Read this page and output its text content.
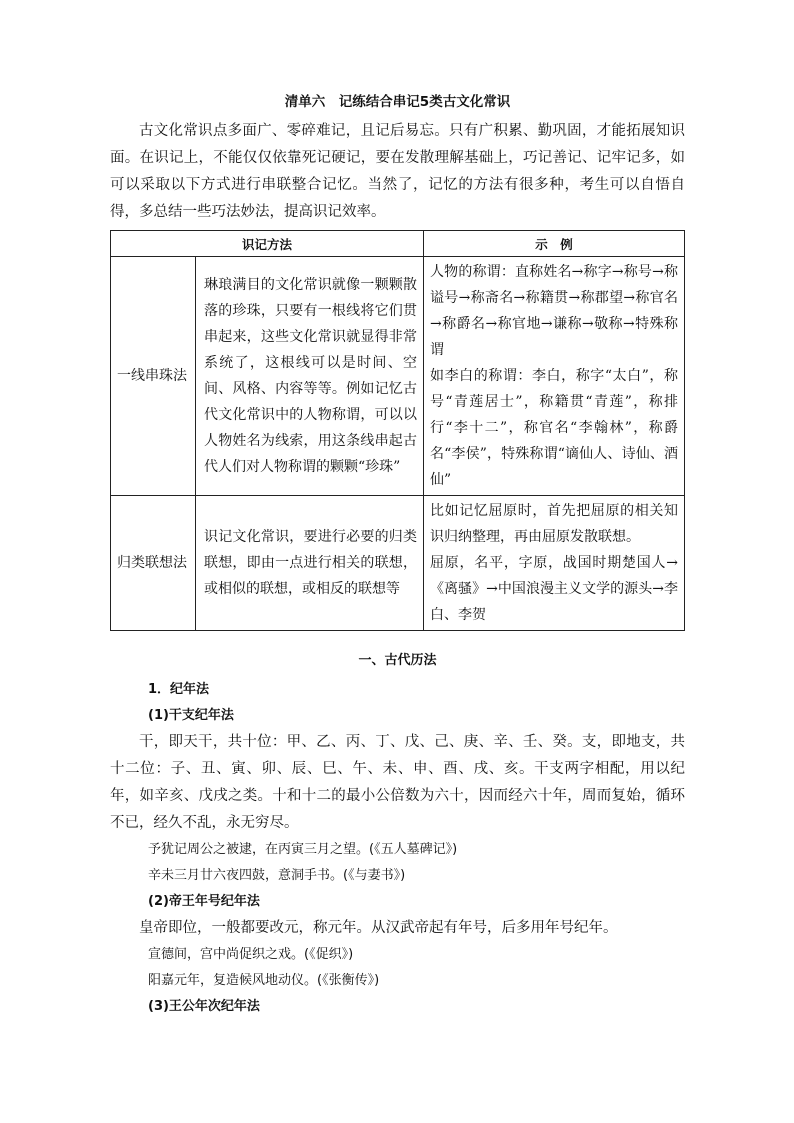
清单六　记练结合串记5类古文化常识

古文化常识点多面广、零碎难记，且记后易忘。只有广积累、勤巩固，才能拓展知识面。在识记上，不能仅仅依靠死记硬记，要在发散理解基础上，巧记善记、记牢记多，如可以采取以下方式进行串联整合记忆。当然了，记忆的方法有很多种，考生可以自悟自得，多总结一些巧法妙法，提高识记效率。

识记方法		示　例
一线串珠法	琳琅满目的文化常识就像一颗颗散落的珍珠，只要有一根线将它们贯串起来，这些文化常识就显得非常系统了，这根线可以是时间、空间、风格、内容等等。例如记忆古代文化常识中的人物称谓，可以以人物姓名为线索，用这条线串起古代人们对人物称谓的颗颗“珍珠”	人物的称谓：直称姓名→称字→称号→称谥号→称斋名→称籍贯→称郡望→称官名→称爵名→称官地→谦称→敬称→特殊称谓
如李白的称谓：李白，称字“太白”，称号“青莲居士”，称籍贯“青莲”，称排行“李十二”，称官名“李翰林”，称爵名“李侯”，特殊称谓“谪仙人、诗仙、酒仙”

归类联想法	识记文化常识，要进行必要的归类联想，即由一点进行相关的联想，或相似的联想，或相反的联想等	比如记忆屈原时，首先把屈原的相关知识归纳整理，再由屈原发散联想。
屈原，名平，字原，战国时期楚国人→《离骚》→中国浪漫主义文学的源头→李白、李贺
一、古代历法

1．纪年法

(1)干支纪年法

干，即天干，共十位：甲、乙、丙、丁、戊、己、庚、辛、壬、癸。支，即地支，共十二位：子、丑、寅、卯、辰、巳、午、未、申、酉、戌、亥。干支两字相配，用以纪年，如辛亥、戊戌之类。十和十二的最小公倍数为六十，因而经六十年，周而复始，循环不已，经久不乱，永无穷尽。

予犹记周公之被逮，在丙寅三月之望。(《五人墓碑记》)

辛未三月廿六夜四鼓，意洞手书。(《与妻书》)

(2)帝王年号纪年法

皇帝即位，一般都要改元，称元年。从汉武帝起有年号，后多用年号纪年。

宣德间，宫中尚促织之戏。(《促织》)

阳嘉元年，复造候风地动仪。(《张衡传》)

(3)王公年次纪年法
